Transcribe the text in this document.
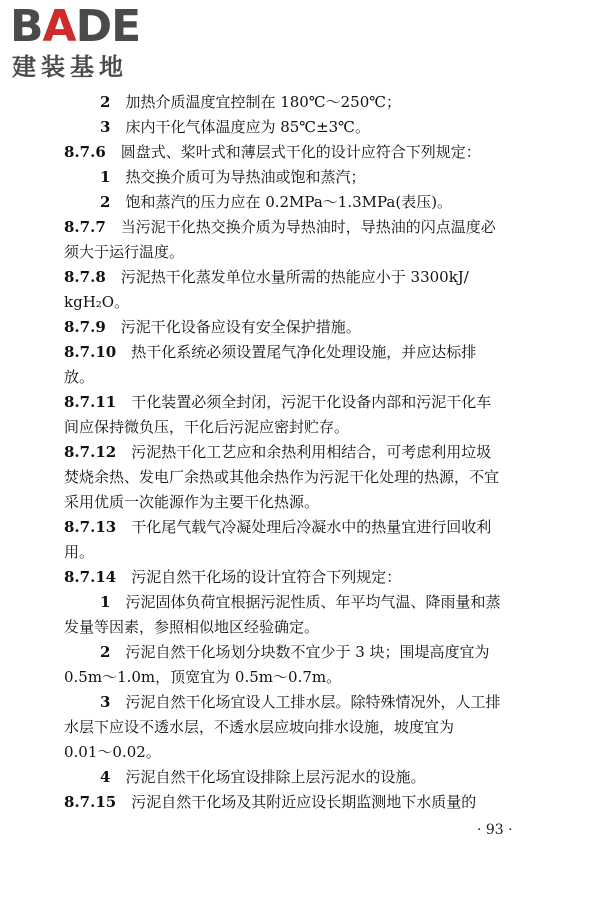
BADE
建装基地
2  加热介质温度宜控制在 180℃～250℃；
3  床内干化气体温度应为 85℃±3℃。
8.7.6  圆盘式、桨叶式和薄层式干化的设计应符合下列规定：
1  热交换介质可为导热油或饱和蒸汽；
2  饱和蒸汽的压力应在 0.2MPa～1.3MPa(表压)。
8.7.7  当污泥干化热交换介质为导热油时，导热油的闪点温度必
须大于运行温度。
8.7.8  污泥热干化蒸发单位水量所需的热能应小于 3300kJ/
kgH₂O。
8.7.9  污泥干化设备应设有安全保护措施。
8.7.10  热干化系统必须设置尾气净化处理设施，并应达标排
放。
8.7.11  干化装置必须全封闭，污泥干化设备内部和污泥干化车
间应保持微负压，干化后污泥应密封贮存。
8.7.12  污泥热干化工艺应和余热利用相结合，可考虑利用垃圾
焚烧余热、发电厂余热或其他余热作为污泥干化处理的热源，不宜
采用优质一次能源作为主要干化热源。
8.7.13  干化尾气载气冷凝处理后冷凝水中的热量宜进行回收利
用。
8.7.14  污泥自然干化场的设计宜符合下列规定：
1  污泥固体负荷宜根据污泥性质、年平均气温、降雨量和蒸
发量等因素，参照相似地区经验确定。
2  污泥自然干化场划分块数不宜少于 3 块；围堤高度宜为
0.5m～1.0m，顶宽宜为 0.5m～0.7m。
3  污泥自然干化场宜设人工排水层。除特殊情况外，人工排
水层下应设不透水层，不透水层应坡向排水设施，坡度宜为
0.01～0.02。
4  污泥自然干化场宜设排除上层污泥水的设施。
8.7.15  污泥自然干化场及其附近应设长期监测地下水质量的
· 93 ·
